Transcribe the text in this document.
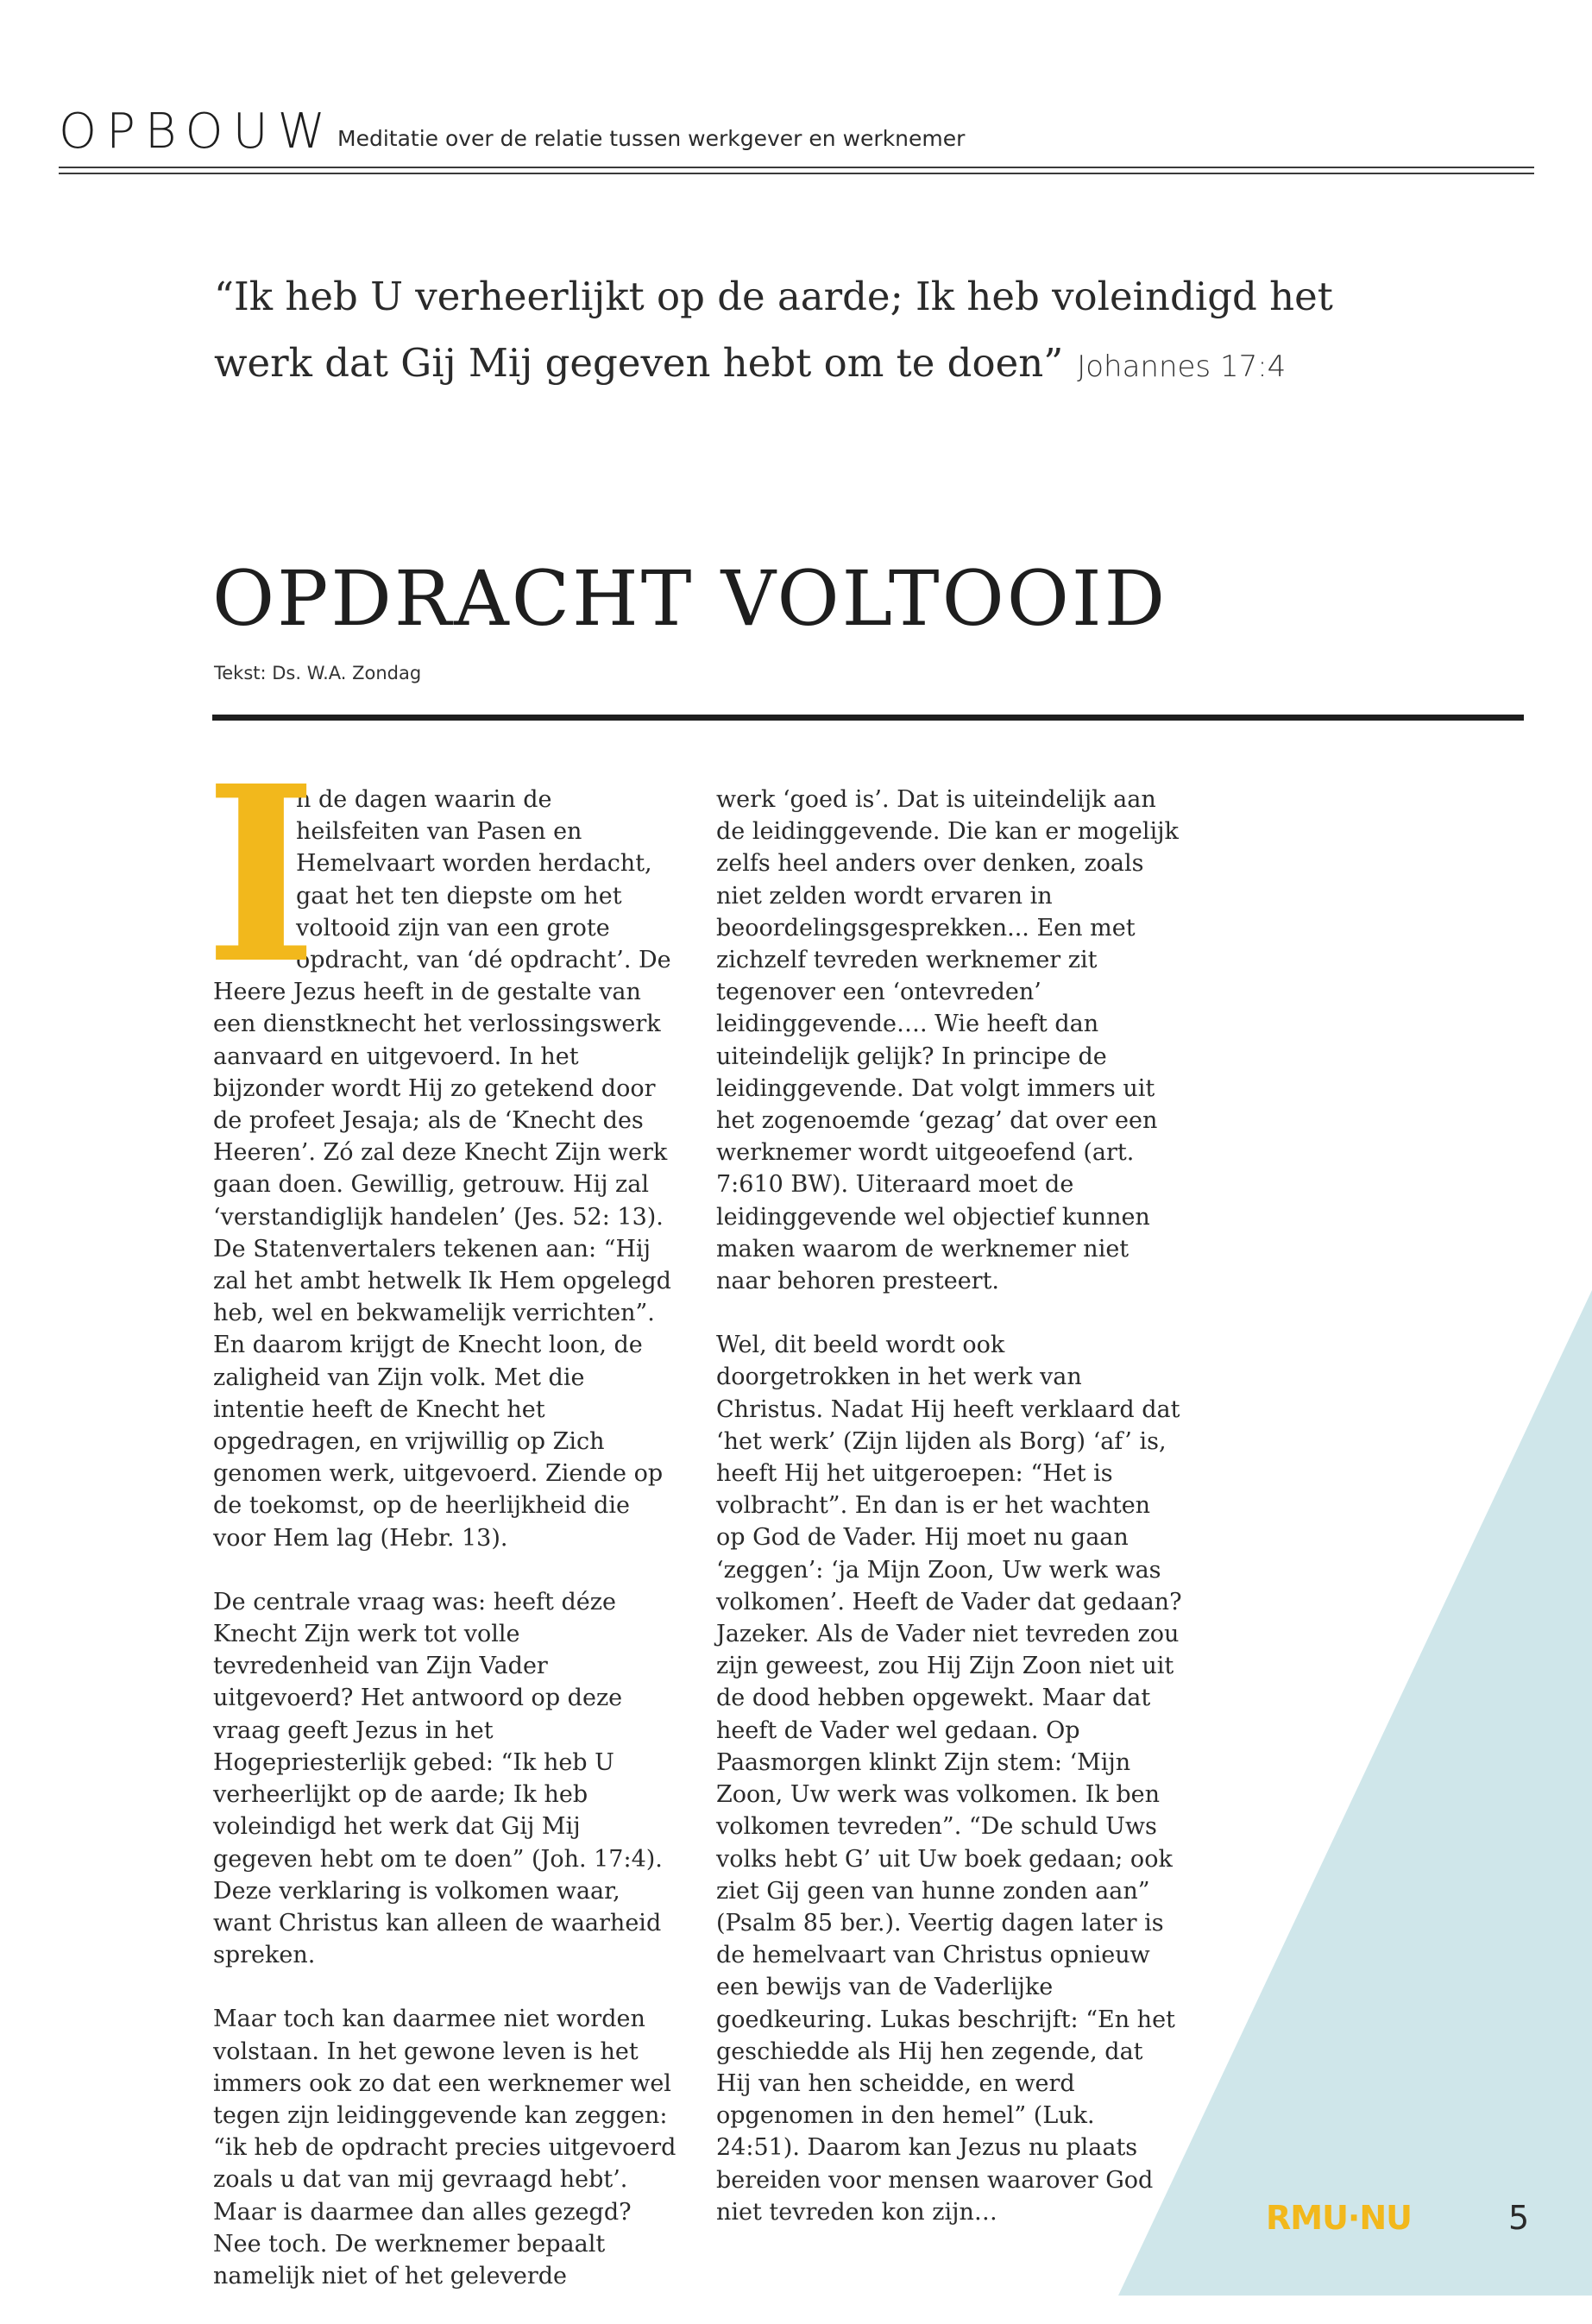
OPBOUW Meditatie over de relatie tussen werkgever en werknemer
“Ik heb U verheerlijkt op de aarde; Ik heb voleindigd het werk dat Gij Mij gegeven hebt om te doen” Johannes 17:4
OPDRACHT VOLTOOID
Tekst: Ds. W.A. Zondag

I
n de dagen waarin de heilsfeiten van Pasen en Hemelvaart worden herdacht, gaat het ten diepste om het voltooid zijn van een grote opdracht, van ‘dé opdracht’. De Heere Jezus heeft in de gestalte van een dienstknecht het verlossingswerk aanvaard en uitgevoerd. In het bijzonder wordt Hij zo getekend door de profeet Jesaja; als de ‘Knecht des Heeren’. Zó zal deze Knecht Zijn werk gaan doen. Gewillig, getrouw. Hij zal ‘verstandiglijk handelen’ (Jes. 52: 13). De Statenvertalers tekenen aan: “Hij zal het ambt hetwelk Ik Hem opgelegd heb, wel en bekwamelijk verrichten”. En daarom krijgt de Knecht loon, de zaligheid van Zijn volk. Met die intentie heeft de Knecht het opgedragen, en vrijwillig op Zich genomen werk, uitgevoerd. Ziende op de toekomst, op de heerlijkheid die voor Hem lag (Hebr. 13).

De centrale vraag was: heeft déze Knecht Zijn werk tot volle tevredenheid van Zijn Vader uitgevoerd? Het antwoord op deze vraag geeft Jezus in het Hogepriesterlijk gebed: “Ik heb U verheerlijkt op de aarde; Ik heb voleindigd het werk dat Gij Mij gegeven hebt om te doen” (Joh. 17:4). Deze verklaring is volkomen waar, want Christus kan alleen de waarheid spreken.

Maar toch kan daarmee niet worden volstaan. In het gewone leven is het immers ook zo dat een werknemer wel tegen zijn leidinggevende kan zeggen: “ik heb de opdracht precies uitgevoerd zoals u dat van mij gevraagd hebt’. Maar is daarmee dan alles gezegd? Nee toch. De werknemer bepaalt namelijk niet of het geleverde

werk ‘goed is’. Dat is uiteindelijk aan de leidinggevende. Die kan er mogelijk zelfs heel anders over denken, zoals niet zelden wordt ervaren in beoordelingsgesprekken... Een met zichzelf tevreden werknemer zit tegenover een ‘ontevreden’ leidinggevende…. Wie heeft dan uiteindelijk gelijk? In principe de leidinggevende. Dat volgt immers uit het zogenoemde ‘gezag’ dat over een werknemer wordt uitgeoefend (art. 7:610 BW). Uiteraard moet de leidinggevende wel objectief kunnen maken waarom de werknemer niet naar behoren presteert.

Wel, dit beeld wordt ook doorgetrokken in het werk van Christus. Nadat Hij heeft verklaard dat ‘het werk’ (Zijn lijden als Borg) ‘af’ is, heeft Hij het uitgeroepen: “Het is volbracht”. En dan is er het wachten op God de Vader. Hij moet nu gaan ‘zeggen’: ‘ja Mijn Zoon, Uw werk was volkomen’. Heeft de Vader dat gedaan? Jazeker. Als de Vader niet tevreden zou zijn geweest, zou Hij Zijn Zoon niet uit de dood hebben opgewekt. Maar dat heeft de Vader wel gedaan. Op Paasmorgen klinkt Zijn stem: ‘Mijn Zoon, Uw werk was volkomen. Ik ben volkomen tevreden”. “De schuld Uws volks hebt G’ uit Uw boek gedaan; ook ziet Gij geen van hunne zonden aan” (Psalm 85 ber.). Veertig dagen later is de hemelvaart van Christus opnieuw een bewijs van de Vaderlijke goedkeuring. Lukas beschrijft: “En het geschiedde als Hij hen zegende, dat Hij van hen scheidde, en werd opgenomen in den hemel” (Luk. 24:51). Daarom kan Jezus nu plaats bereiden voor mensen waarover God niet tevreden kon zijn…	RMU·NU	5
